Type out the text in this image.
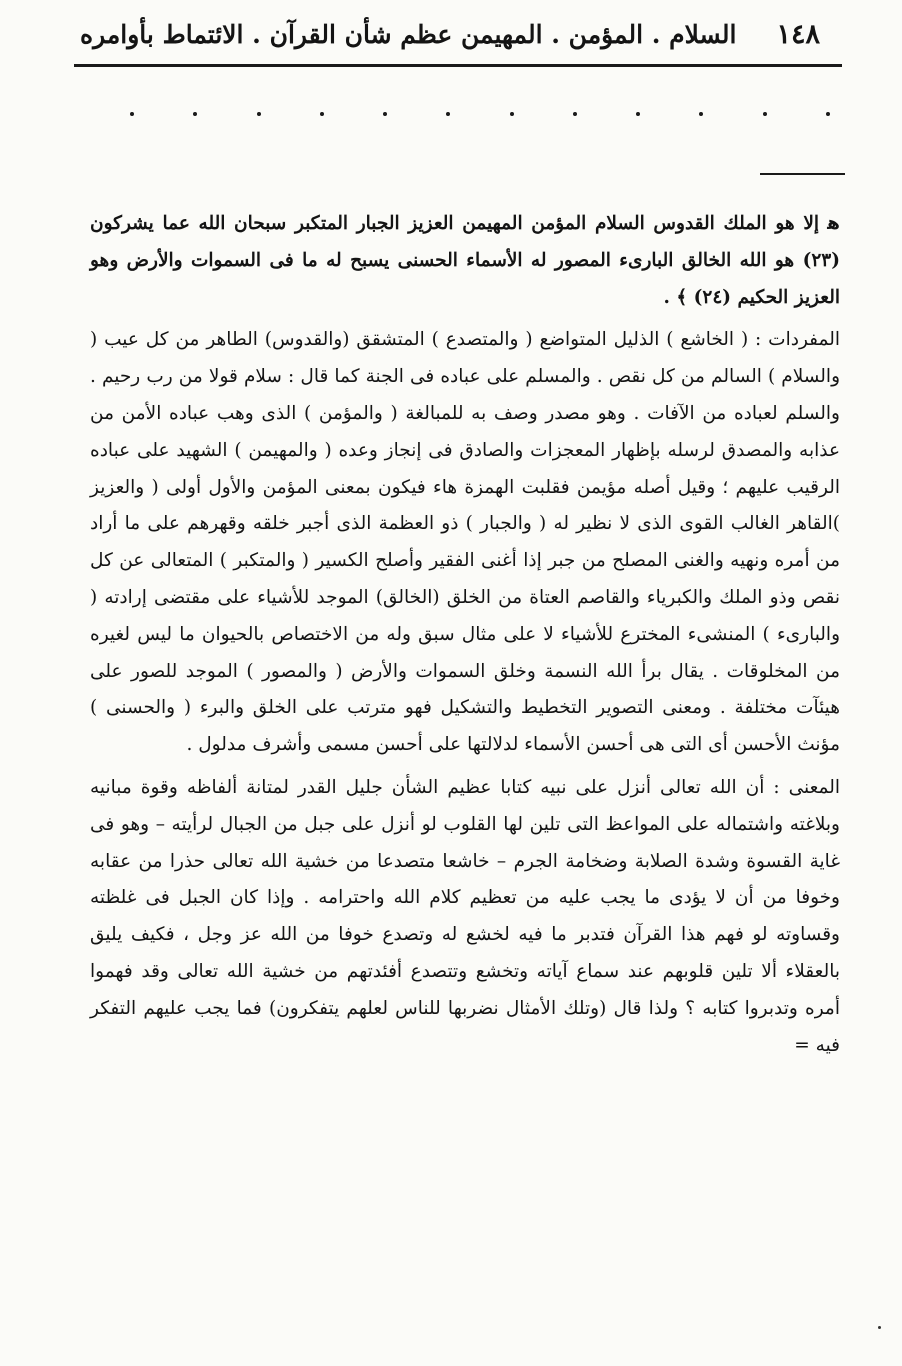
١٤٨
السلام . المؤمن . المهيمن عظم شأن القرآن . الائتماط بأوامره

ﻫ إلا هو الملك القدوس السلام المؤمن المهيمن العزيز الجبار المتكبر سبحان الله عما يشركون (٢٣) هو الله الخالق البارىء المصور له الأسماء الحسنى يسبح له ما فى السموات والأرض وهو العزيز الحكيم (٢٤) ﴾ .

المفردات : ( الخاشع ) الذليل المتواضع ( والمتصدع ) المتشقق (والقدوس) الطاهر من كل عيب ( والسلام ) السالم من كل نقص . والمسلم على عباده فى الجنة كما قال : سلام قولا من رب رحيم . والسلم لعباده من الآفات . وهو مصدر وصف به للمبالغة ( والمؤمن ) الذى وهب عباده الأمن من عذابه والمصدق لرسله بإظهار المعجزات والصادق فى إنجاز وعده ( والمهيمن ) الشهيد على عباده الرقيب عليهم ؛ وقيل أصله مؤيمن فقلبت الهمزة هاء فيكون بمعنى المؤمن والأول أولى ( والعزيز )القاهر الغالب القوى الذى لا نظير له ( والجبار ) ذو العظمة الذى أجبر خلقه وقهرهم على ما أراد من أمره ونهيه والغنى المصلح من جبر إذا أغنى الفقير وأصلح الكسير ( والمتكبر ) المتعالى عن كل نقص وذو الملك والكبرياء والقاصم العتاة من الخلق (الخالق) الموجد للأشياء على مقتضى إرادته ( والبارىء ) المنشىء المخترع للأشياء لا على مثال سبق وله من الاختصاص بالحيوان ما ليس لغيره من المخلوقات . يقال برأ الله النسمة وخلق السموات والأرض ( والمصور ) الموجد للصور على هيئآت مختلفة . ومعنى التصوير التخطيط والتشكيل فهو مترتب على الخلق والبرء ( والحسنى ) مؤنث الأحسن أى التى هى أحسن الأسماء لدلالتها على أحسن مسمى وأشرف مدلول .

المعنى : أن الله تعالى أنزل على نبيه كتابا عظيم الشأن جليل القدر لمتانة ألفاظه وقوة مبانيه وبلاغته واشتماله على المواعظ التى تلين لها القلوب لو أنزل على جبل من الجبال لرأيته – وهو فى غاية القسوة وشدة الصلابة وضخامة الجرم – خاشعا متصدعا من خشية الله تعالى حذرا من عقابه وخوفا من أن لا يؤدى ما يجب عليه من تعظيم كلام الله واحترامه . وإذا كان الجبل فى غلظته وقساوته لو فهم هذا القرآن فتدبر ما فيه لخشع له وتصدع خوفا من الله عز وجل ، فكيف يليق بالعقلاء ألا تلين قلوبهم عند سماع آياته وتخشع وتتصدع أفئدتهم من خشية الله تعالى وقد فهموا أمره وتدبروا كتابه ؟ ولذا قال (وتلك الأمثال نضربها للناس لعلهم يتفكرون) فما يجب عليهم التفكر فيه =
